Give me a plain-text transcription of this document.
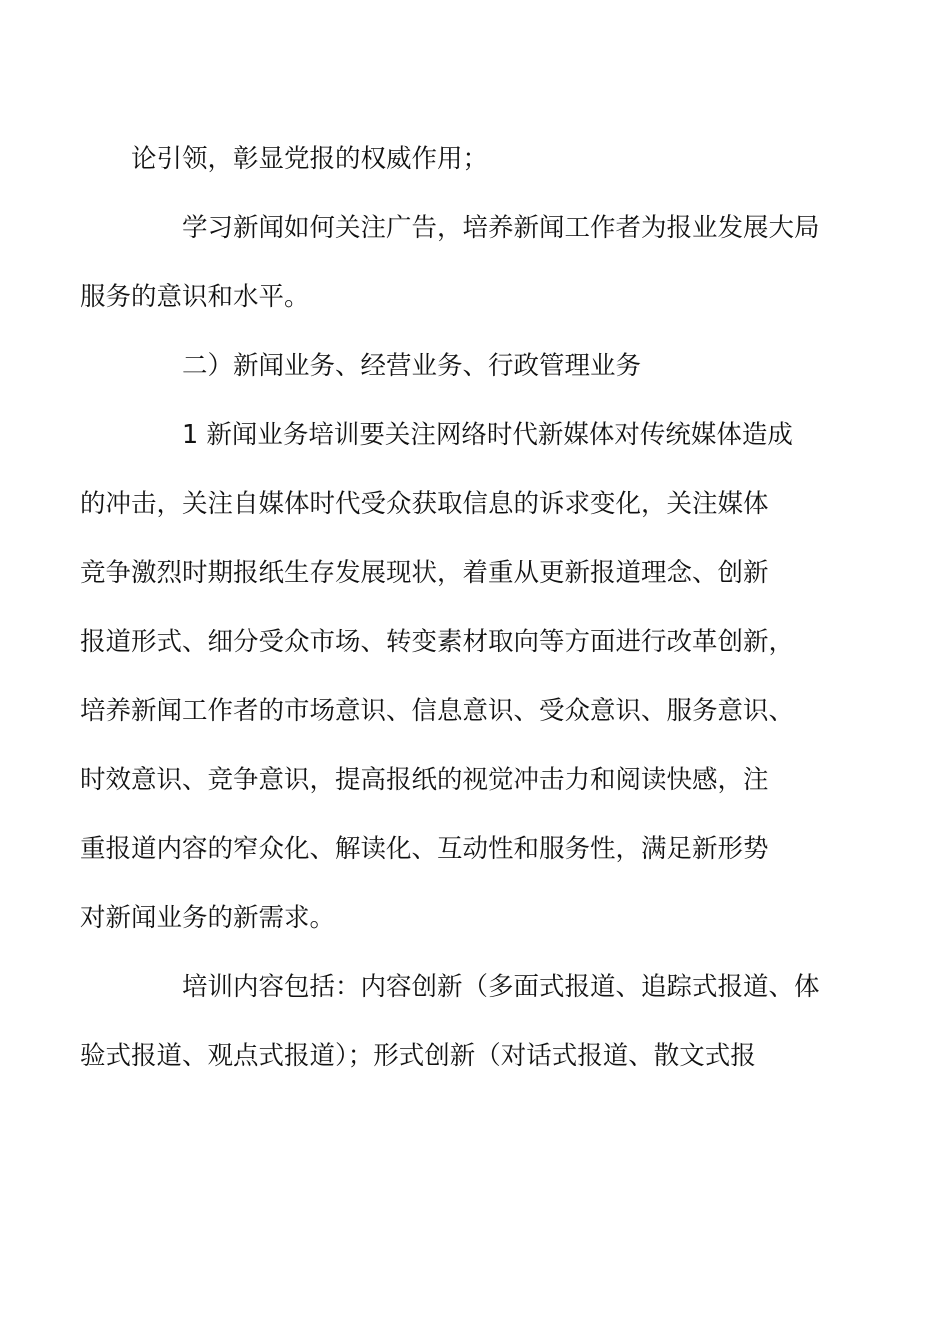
论引领，彰显党报的权威作用；

学习新闻如何关注广告，培养新闻工作者为报业发展大局
服务的意识和水平。

二）新闻业务、经营业务、行政管理业务

1 新闻业务培训要关注网络时代新媒体对传统媒体造成
的冲击，关注自媒体时代受众获取信息的诉求变化，关注媒体
竞争激烈时期报纸生存发展现状，着重从更新报道理念、创新
报道形式、细分受众市场、转变素材取向等方面进行改革创新，
培养新闻工作者的市场意识、信息意识、受众意识、服务意识、
时效意识、竞争意识，提高报纸的视觉冲击力和阅读快感，注
重报道内容的窄众化、解读化、互动性和服务性，满足新形势
对新闻业务的新需求。

培训内容包括：内容创新（多面式报道、追踪式报道、体
验式报道、观点式报道）；形式创新（对话式报道、散文式报
